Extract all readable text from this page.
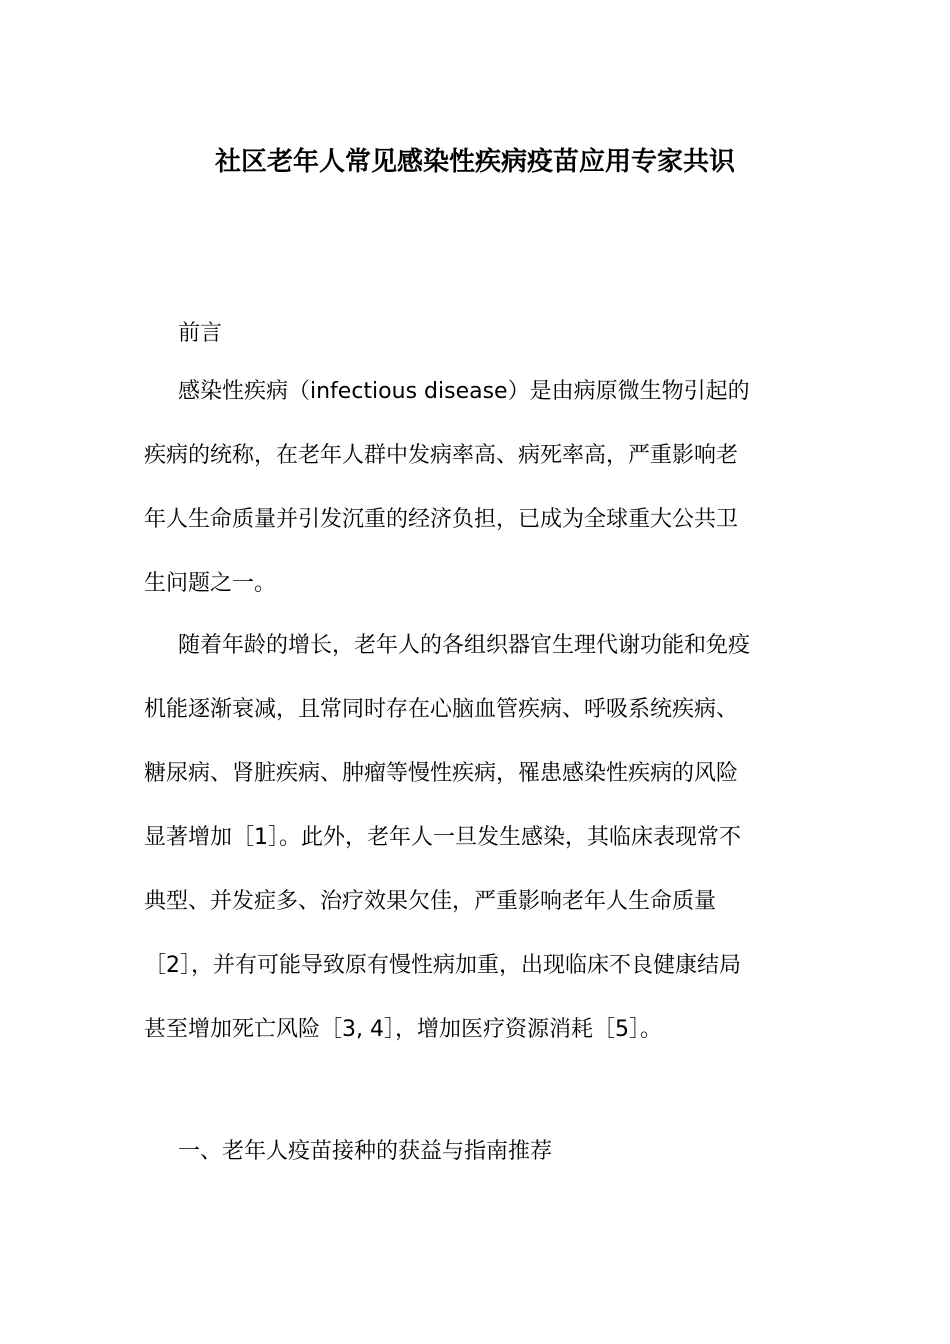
社区老年人常见感染性疾病疫苗应用专家共识

前言

感染性疾病（infectious disease）是由病原微生物引起的
疾病的统称，在老年人群中发病率高、病死率高，严重影响老
年人生命质量并引发沉重的经济负担，已成为全球重大公共卫
生问题之一。
随着年龄的增长，老年人的各组织器官生理代谢功能和免疫
机能逐渐衰减，且常同时存在心脑血管疾病、呼吸系统疾病、
糖尿病、肾脏疾病、肿瘤等慢性疾病，罹患感染性疾病的风险
显著增加［1］。此外，老年人一旦发生感染，其临床表现常不
典型、并发症多、治疗效果欠佳，严重影响老年人生命质量
［2］，并有可能导致原有慢性病加重，出现临床不良健康结局
甚至增加死亡风险［3, 4］，增加医疗资源消耗［5］。

一、老年人疫苗接种的获益与指南推荐
